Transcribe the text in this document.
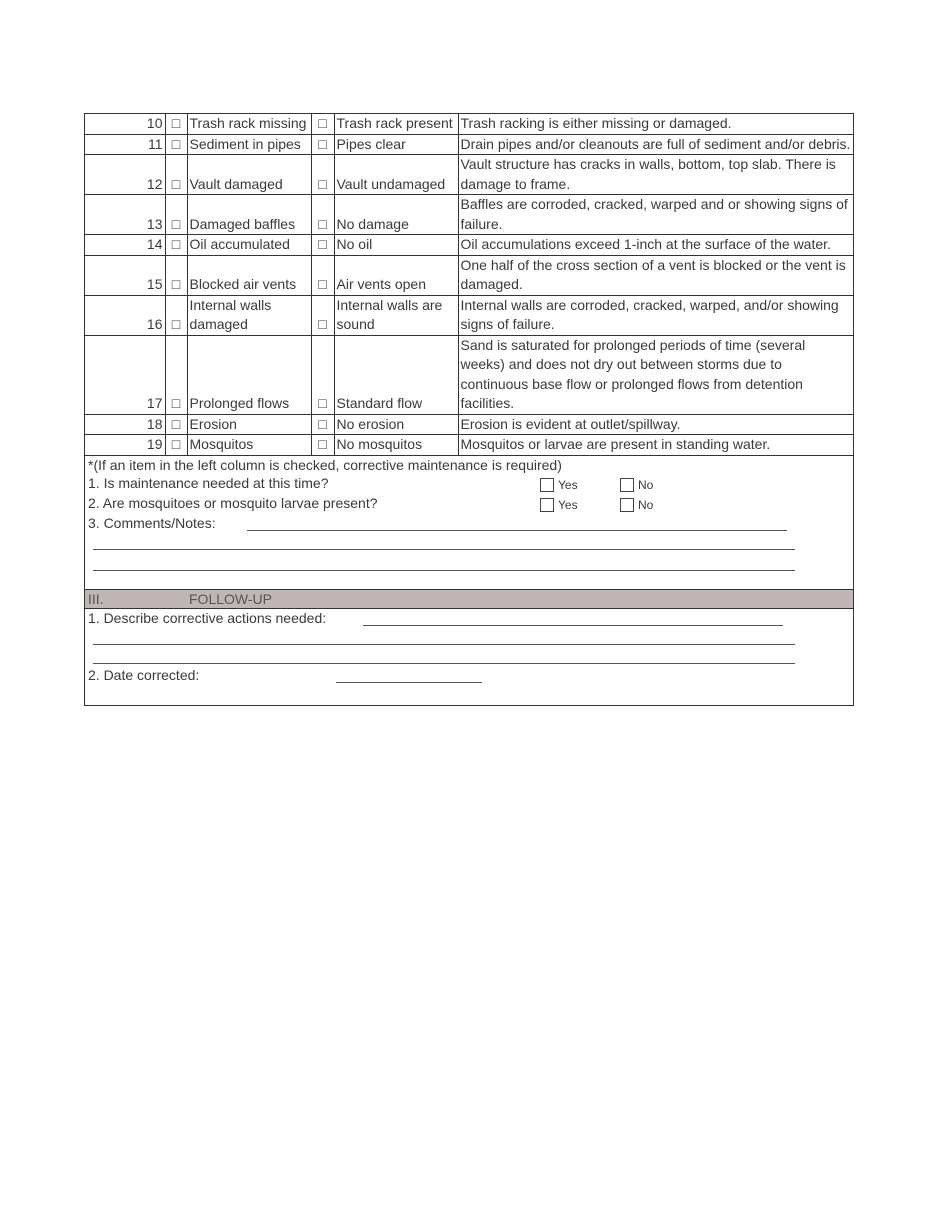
10	□	Trash rack missing	□	Trash rack present	Trash racking is either missing or damaged.
11	□	Sediment in pipes	□	Pipes clear	Drain pipes and/or cleanouts are full of sediment and/or debris.
12	□	Vault damaged	□	Vault undamaged	Vault structure has cracks in walls, bottom, top slab. There is damage to frame.
13	□	Damaged baffles	□	No damage	Baffles are corroded, cracked, warped and or showing signs of failure.
14	□	Oil accumulated	□	No oil	Oil accumulations exceed 1-inch at the surface of the water.
15	□	Blocked air vents	□	Air vents open	One half of the cross section of a vent is blocked or the vent is damaged.
16	□	Internal walls damaged	□	Internal walls are sound	Internal walls are corroded, cracked, warped, and/or showing signs of failure.
17	□	Prolonged flows	□	Standard flow	Sand is saturated for prolonged periods of time (several weeks) and does not dry out between storms due to continuous base flow or prolonged flows from detention facilities.
18	□	Erosion	□	No erosion	Erosion is evident at outlet/spillway.
19	□	Mosquitos	□	No mosquitos	Mosquitos or larvae are present in standing water.
*(If an item in the left column is checked, corrective maintenance is required)
1. Is maintenance needed at this time?	Yes	No
2. Are mosquitoes or mosquito larvae present?	Yes	No
3. Comments/Notes:
III.	FOLLOW-UP
1. Describe corrective actions needed:
2. Date corrected:
